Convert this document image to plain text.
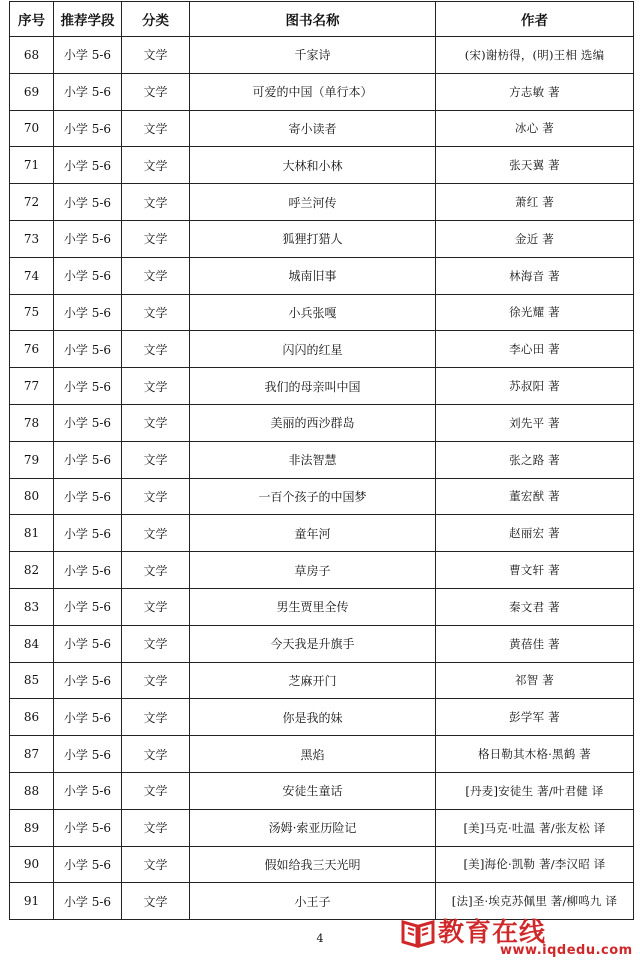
序号	推荐学段	分类	图书名称	作者
68	小学 5-6	文学	千家诗	(宋)谢枋得，(明)王相 选编
69	小学 5-6	文学	可爱的中国（单行本）	方志敏 著
70	小学 5-6	文学	寄小读者	冰心 著
71	小学 5-6	文学	大林和小林	张天翼 著
72	小学 5-6	文学	呼兰河传	萧红 著
73	小学 5-6	文学	狐狸打猎人	金近 著
74	小学 5-6	文学	城南旧事	林海音 著
75	小学 5-6	文学	小兵张嘎	徐光耀 著
76	小学 5-6	文学	闪闪的红星	李心田 著
77	小学 5-6	文学	我们的母亲叫中国	苏叔阳 著
78	小学 5-6	文学	美丽的西沙群岛	刘先平 著
79	小学 5-6	文学	非法智慧	张之路 著
80	小学 5-6	文学	一百个孩子的中国梦	董宏猷 著
81	小学 5-6	文学	童年河	赵丽宏 著
82	小学 5-6	文学	草房子	曹文轩 著
83	小学 5-6	文学	男生贾里全传	秦文君 著
84	小学 5-6	文学	今天我是升旗手	黄蓓佳 著
85	小学 5-6	文学	芝麻开门	祁智 著
86	小学 5-6	文学	你是我的妹	彭学军 著
87	小学 5-6	文学	黑焰	格日勒其木格·黑鹤 著
88	小学 5-6	文学	安徒生童话	[丹麦]安徒生 著/叶君健 译
89	小学 5-6	文学	汤姆·索亚历险记	[美]马克·吐温 著/张友松 译
90	小学 5-6	文学	假如给我三天光明	[美]海伦·凯勒 著/李汉昭 译
91	小学 5-6	文学	小王子	[法]圣·埃克苏佩里 著/柳鸣九 译
4	教育在线
www.iqdedu.com
